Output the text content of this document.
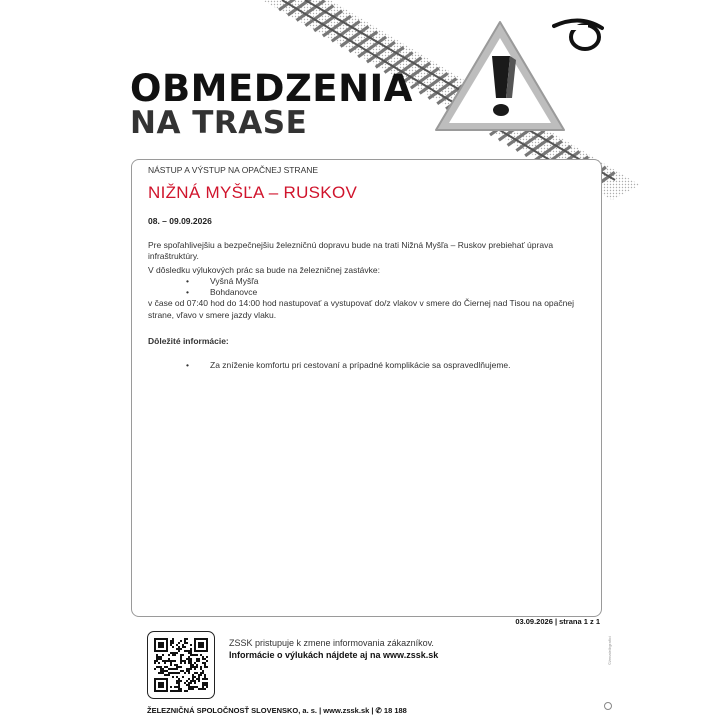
OBMEDZENIA
NA TRASE
NÁSTUP A VÝSTUP NA OPAČNEJ STRANE
NIŽNÁ MYŠĽA – RUSKOV
08. – 09.09.2026

Pre spoľahlivejšiu a bezpečnejšiu železničnú dopravu bude na trati Nižná Myšľa – Ruskov prebiehať úprava infraštruktúry.

V dôsledku výlukových prác sa bude na železničnej zastávke:

• Vyšná Myšľa
• Bohdanovce

v čase od 07:40 hod do 14:00 hod nastupovať a vystupovať do/z vlakov v smere do Čiernej nad Tisou na opačnej strane, vľavo v smere jazdy vlaku.

Dôležité informácie:

• Za zníženie komfortu pri cestovaní a prípadné komplikácie sa ospravedlňujeme.
03.09.2026 | strana 1 z 1
ZSSK pristupuje k zmene informovania zákazníkov.
Informácie o výlukách nájdete aj na www.zssk.sk
ŽELEZNIČNÁ SPOLOČNOSŤ SLOVENSKO, a. s. | www.zssk.sk | ✆ 18 188
©ženatelbgrafici
